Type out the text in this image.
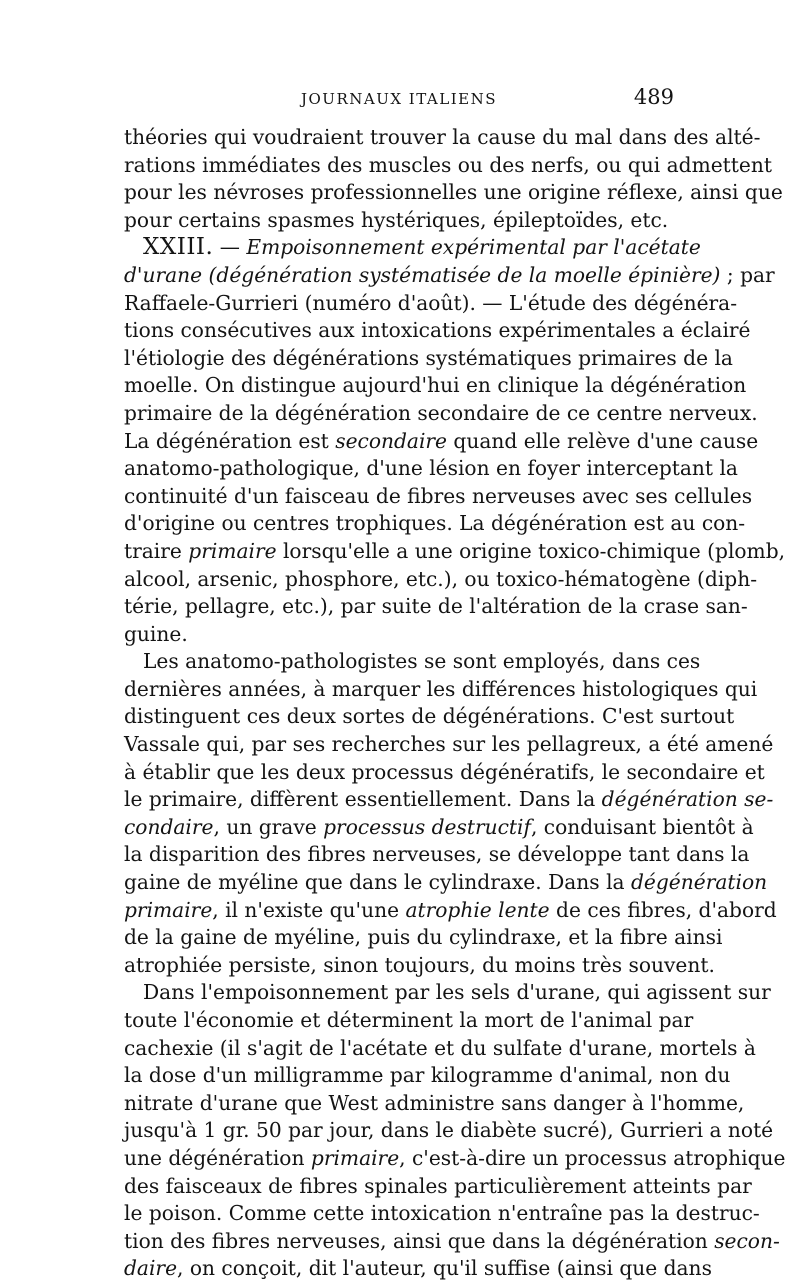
JOURNAUX ITALIENS	489

théories qui voudraient trouver la cause du mal dans des alté-
rations immédiates des muscles ou des nerfs, ou qui admettent
pour les névroses professionnelles une origine réflexe, ainsi que
pour certains spasmes hystériques, épileptoïdes, etc.

XXIII. — Empoisonnement expérimental par l'acétate
d'urane (dégénération systématisée de la moelle épinière) ; par
Raffaele-Gurrieri (numéro d'août). — L'étude des dégénéra-
tions consécutives aux intoxications expérimentales a éclairé
l'étiologie des dégénérations systématiques primaires de la
moelle. On distingue aujourd'hui en clinique la dégénération
primaire de la dégénération secondaire de ce centre nerveux.

La dégénération est secondaire quand elle relève d'une cause
anatomo-pathologique, d'une lésion en foyer interceptant la
continuité d'un faisceau de fibres nerveuses avec ses cellules
d'origine ou centres trophiques. La dégénération est au con-
traire primaire lorsqu'elle a une origine toxico-chimique (plomb,
alcool, arsenic, phosphore, etc.), ou toxico-hématogène (diph-
térie, pellagre, etc.), par suite de l'altération de la crase san-
guine.

Les anatomo-pathologistes se sont employés, dans ces
dernières années, à marquer les différences histologiques qui
distinguent ces deux sortes de dégénérations. C'est surtout
Vassale qui, par ses recherches sur les pellagreux, a été amené
à établir que les deux processus dégénératifs, le secondaire et
le primaire, diffèrent essentiellement. Dans la dégénération se-
condaire, un grave processus destructif, conduisant bientôt à
la disparition des fibres nerveuses, se développe tant dans la
gaine de myéline que dans le cylindraxe. Dans la dégénération
primaire, il n'existe qu'une atrophie lente de ces fibres, d'abord
de la gaine de myéline, puis du cylindraxe, et la fibre ainsi
atrophiée persiste, sinon toujours, du moins très souvent.

Dans l'empoisonnement par les sels d'urane, qui agissent sur
toute l'économie et déterminent la mort de l'animal par
cachexie (il s'agit de l'acétate et du sulfate d'urane, mortels à
la dose d'un milligramme par kilogramme d'animal, non du
nitrate d'urane que West administre sans danger à l'homme,
jusqu'à 1 gr. 50 par jour, dans le diabète sucré), Gurrieri a noté
une dégénération primaire, c'est-à-dire un processus atrophique
des faisceaux de fibres spinales particulièrement atteints par
le poison. Comme cette intoxication n'entraîne pas la destruc-
tion des fibres nerveuses, ainsi que dans la dégénération secon-
daire, on conçoit, dit l'auteur, qu'il suffise (ainsi que dans
